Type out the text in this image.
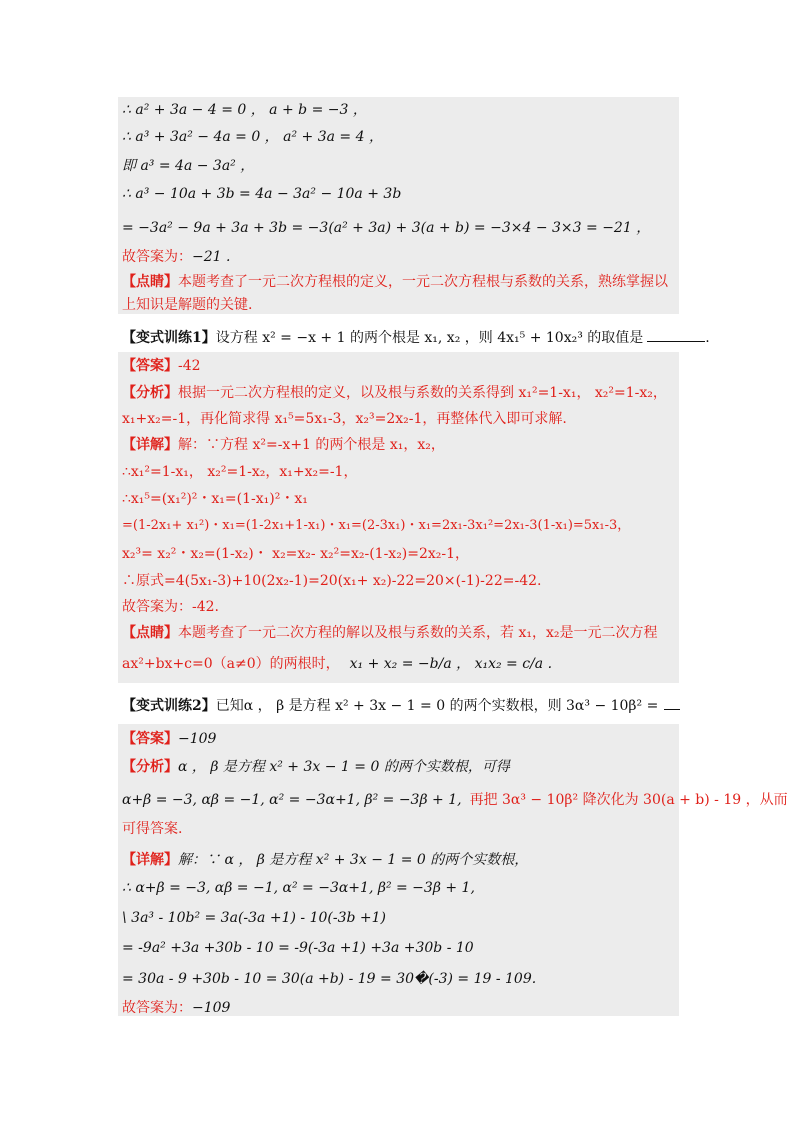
∴ a² + 3a − 4 = 0 ， a + b = −3 ，
∴ a³ + 3a² − 4a = 0 ， a² + 3a = 4 ，
即 a³ = 4a − 3a² ，
∴ a³ − 10a + 3b = 4a − 3a² − 10a + 3b
= −3a² − 9a + 3a + 3b = −3(a² + 3a) + 3(a + b) = −3×4 − 3×3 = −21 ，
故答案为：−21 .
【点睛】本题考查了一元二次方程根的定义，一元二次方程根与系数的关系，熟练掌握以
上知识是解题的关键.
【变式训练1】设方程 x² = −x + 1 的两个根是 x₁, x₂ ，则 4x₁⁵ + 10x₂³ 的取值是	.
【答案】-42
【分析】根据一元二次方程根的定义，以及根与系数的关系得到 x₁²=1-x₁， x₂²=1-x₂，
x₁+x₂=-1，再化简求得 x₁⁵=5x₁-3，x₂³=2x₂-1，再整体代入即可求解.
【详解】解：∵方程 x²=-x+1 的两个根是 x₁，x₂，
∴x₁²=1-x₁， x₂²=1-x₂，x₁+x₂=-1，
∴x₁⁵=(x₁²)²・x₁=(1-x₁)²・x₁
=(1-2x₁+ x₁²)・x₁=(1-2x₁+1-x₁)・x₁=(2-3x₁)・x₁=2x₁-3x₁²=2x₁-3(1-x₁)=5x₁-3，
x₂³= x₂²・x₂=(1-x₂)・ x₂=x₂- x₂²=x₂-(1-x₂)=2x₂-1，
∴原式=4(5x₁-3)+10(2x₂-1)=20(x₁+ x₂)-22=20×(-1)-22=-42.
故答案为：-42.
【点睛】本题考查了一元二次方程的解以及根与系数的关系，若 x₁，x₂是一元二次方程
ax²+bx+c=0（a≠0）的两根时， x₁ + x₂ = −b/a ， x₁x₂ = c/a .
【变式训练2】已知α ， β 是方程 x² + 3x − 1 = 0 的两个实数根，则 3α³ − 10β² =
【答案】−109
【分析】α ， β 是方程 x² + 3x − 1 = 0 的两个实数根，可得
α+β = −3, αβ = −1, α² = −3α+1, β² = −3β + 1, 再把 3α³ − 10β² 降次化为 30(a + b) - 19 ，从而
可得答案.
【详解】解：∵ α ， β 是方程 x² + 3x − 1 = 0 的两个实数根，
∴ α+β = −3, αβ = −1, α² = −3α+1, β² = −3β + 1,
\ 3a³ - 10b² = 3a(-3a +1) - 10(-3b +1)
= -9a² +3a +30b - 10 = -9(-3a +1) +3a +30b - 10
= 30a - 9 +30b - 10 = 30(a +b) - 19 = 30�(-3) = 19 - 109.
故答案为：−109
